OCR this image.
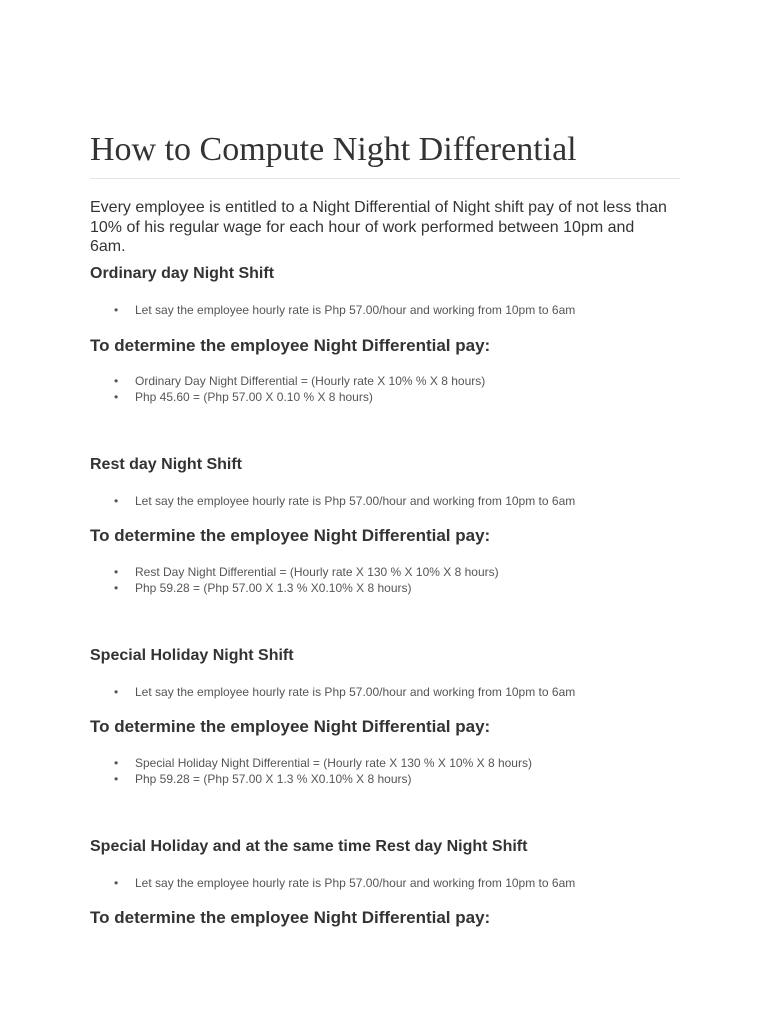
How to Compute Night Differential

Every employee is entitled to a Night Differential of Night shift pay of not less than 10% of his regular wage for each hour of work performed between 10pm and 6am.

Ordinary day Night Shift
• Let say the employee hourly rate is Php 57.00/hour and working from 10pm to 6am
To determine the employee Night Differential pay:
• Ordinary Day Night Differential = (Hourly rate X 10% % X 8 hours)
• Php 45.60 = (Php 57.00 X 0.10 % X 8 hours)
Rest day Night Shift
• Let say the employee hourly rate is Php 57.00/hour and working from 10pm to 6am
To determine the employee Night Differential pay:
• Rest Day Night Differential = (Hourly rate X 130 % X 10% X 8 hours)
• Php 59.28 = (Php 57.00 X 1.3 % X0.10% X 8 hours)
Special Holiday Night Shift
• Let say the employee hourly rate is Php 57.00/hour and working from 10pm to 6am
To determine the employee Night Differential pay:
• Special Holiday Night Differential = (Hourly rate X 130 % X 10% X 8 hours)
• Php 59.28 = (Php 57.00 X 1.3 % X0.10% X 8 hours)
Special Holiday and at the same time Rest day Night Shift
• Let say the employee hourly rate is Php 57.00/hour and working from 10pm to 6am
To determine the employee Night Differential pay:
